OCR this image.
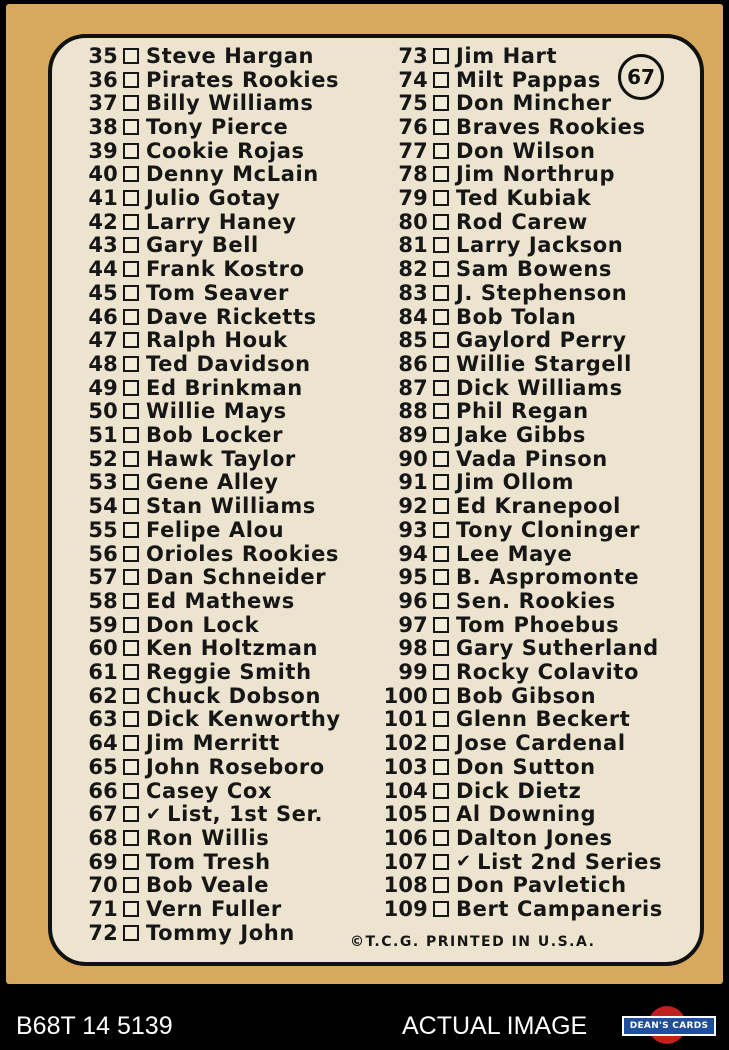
35 Steve Hargan
36 Pirates Rookies
37 Billy Williams
38 Tony Pierce
39 Cookie Rojas
40 Denny McLain
41 Julio Gotay
42 Larry Haney
43 Gary Bell
44 Frank Kostro
45 Tom Seaver
46 Dave Ricketts
47 Ralph Houk
48 Ted Davidson
49 Ed Brinkman
50 Willie Mays
51 Bob Locker
52 Hawk Taylor
53 Gene Alley
54 Stan Williams
55 Felipe Alou
56 Orioles Rookies
57 Dan Schneider
58 Ed Mathews
59 Don Lock
60 Ken Holtzman
61 Reggie Smith
62 Chuck Dobson
63 Dick Kenworthy
64 Jim Merritt
65 John Roseboro
66 Casey Cox
67 ✔ List, 1st Ser.
68 Ron Willis
69 Tom Tresh
70 Bob Veale
71 Vern Fuller
72 Tommy John
73 Jim Hart
74 Milt Pappas
75 Don Mincher
76 Braves Rookies
77 Don Wilson
78 Jim Northrup
79 Ted Kubiak
80 Rod Carew
81 Larry Jackson
82 Sam Bowens
83 J. Stephenson
84 Bob Tolan
85 Gaylord Perry
86 Willie Stargell
87 Dick Williams
88 Phil Regan
89 Jake Gibbs
90 Vada Pinson
91 Jim Ollom
92 Ed Kranepool
93 Tony Cloninger
94 Lee Maye
95 B. Aspromonte
96 Sen. Rookies
97 Tom Phoebus
98 Gary Sutherland
99 Rocky Colavito
100 Bob Gibson
101 Glenn Beckert
102 Jose Cardenal
103 Don Sutton
104 Dick Dietz
105 Al Downing
106 Dalton Jones
107 ✔ List 2nd Series
108 Don Pavletich
109 Bert Campaneris
67
©T.C.G. PRINTED IN U.S.A.
B68T 14 5139	ACTUAL IMAGE	DEAN'S CARDS
